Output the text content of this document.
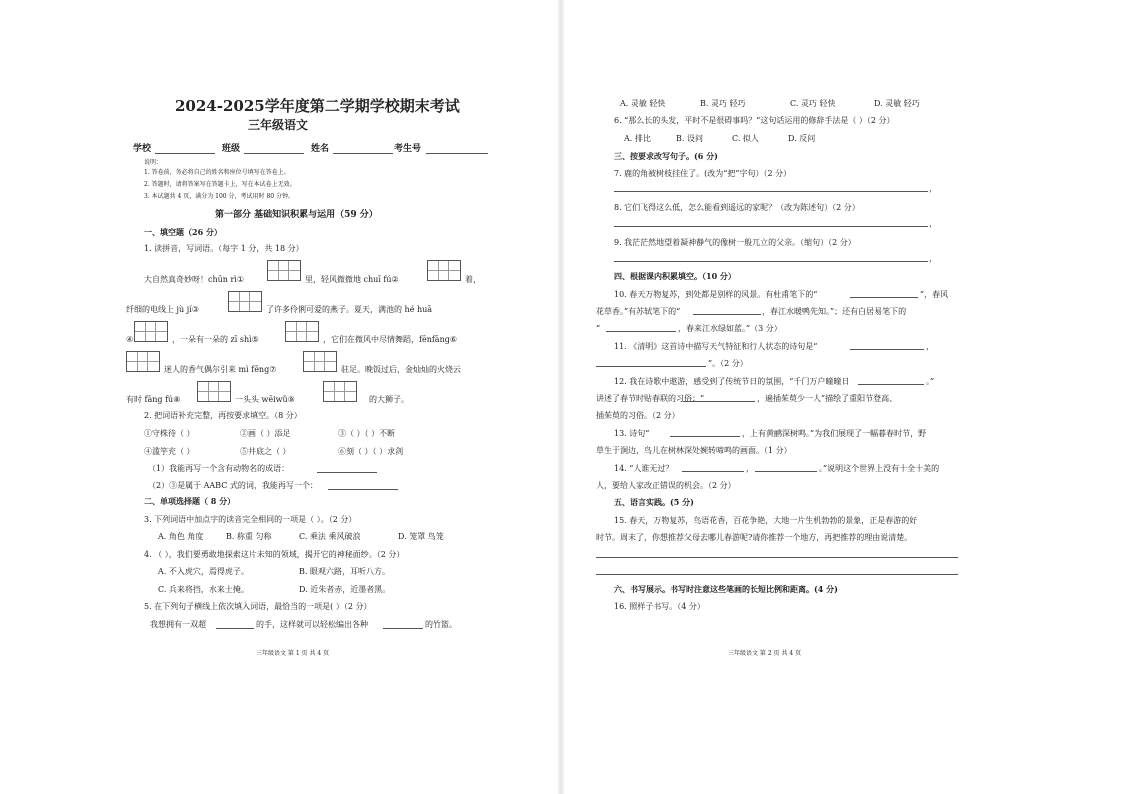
2024-2025学年度第二学期学校期末考试
三年级语文
学校	班级	姓名	考生号
说明：
1. 答卷前，务必将自己的姓名和座位号填写在答卷上。
2. 答题时，请将答案写在答题卡上，写在本试卷上无效。
3. 本试题共 4 页，满分为 100 分，考试用时 80 分钟。
第一部分 基础知识积累与运用（59 分）
一、填空题（26 分）
1. 读拼音，写词语。（每字 1 分，共 18 分）
大自然真奇妙呀！chūn rì①	里，轻风微微地 chuī fú②	着，
纤细的电线上 jù jí③	了许多伶俐可爱的燕子。夏天，满池的 hé huā
④	，一朵有一朵的 zī shì⑤	，它们在微风中尽情舞蹈，fēnfāng⑥
迷人的香气偶尔引来 mì fēng⑦	驻足。晚饭过后，金灿灿的火烧云
有时 fāng fú⑧	一头头 wēiwǔ⑨	的大狮子。
2. 把词语补充完整，再按要求填空。（8 分）
①守株待（ ）	②画（ ）添足	③（ ）（ ）不断
④滥竽充（ ）	⑤井底之（ ）	⑥刻（ ）（ ）求剑
（1）我能再写一个含有动物名的成语：
（2）③是属于 AABC 式的词，我能再写一个：
二、单项选择题（ 8 分）
3. 下列词语中加点字的读音完全相同的一项是（ ）。（2 分）
A. 角色 角度	B. 称重 匀称	C. 乘法 乘风破浪	D. 笼罩 鸟笼
4. （ ），我们要勇敢地探索这片未知的领域，揭开它的神秘面纱。（2 分）
A. 不入虎穴，焉得虎子。	B. 眼观六路，耳听八方。
C. 兵来将挡，水来土掩。	D. 近朱者赤，近墨者黑。
5. 在下列句子横线上依次填入词语，最恰当的一项是( ）（2 分）
我想拥有一双超	的手，这样就可以轻松编出各种	的竹篮。
三年级语文 第 1 页 共 4 页
A. 灵敏 轻快	B. 灵巧 轻巧	C. 灵巧 轻快	D. 灵敏 轻巧
6. “那么长的头发，平时不是很碍事吗？”这句话运用的修辞手法是（ ）（2 分）
A. 排比	B. 设问	C. 拟人	D. 反问
三、按要求改写句子。(6 分)
7. 鹿的角被树枝挂住了。(改为“把”字句）（2 分）
，
8. 它们飞得这么低，怎么能看到遥远的家呢？（改为陈述句）（2 分）
，
9. 我茫茫然地望着凝神静气的像树一般兀立的父亲。（缩句）（2 分）
，
四、根据课内积累填空。（10 分）
10. 春天万物复苏，到处都是别样的风景。有杜甫笔下的“	”，春风
花草香。”有苏轼笔下的“	，春江水暖鸭先知。”；还有白居易笔下的
“	，春来江水绿如蓝。”（3 分）
11. 《清明》这首诗中描写天气特征和行人状态的诗句是“	，
”。（2 分）
12. 我在诗歌中遨游，感受到了传统节日的氛围，“千门万户曈曈日	。”
讲述了春节时贴春联的习俗；“	，遍插茱萸少一人”描绘了重阳节登高、
插茱萸的习俗。（2 分）
13. 诗句“	，上有黄鹂深树鸣。”为我们展现了一幅暮春时节，野
草生于涧边，鸟儿在树林深处婉转啼鸣的画面。（1 分）
14. “人谁无过？	，	。”说明这个世界上没有十全十美的
人，要给人家改正错误的机会。（2 分）
五、语言实践。(5 分)
15. 春天，万物复苏，鸟语花香，百花争艳，大地一片生机勃勃的景象，正是春游的好
时节。周末了，你想推荐父母去哪儿春游呢?请你推荐一个地方，再把推荐的理由说清楚。
六、书写展示。书写时注意这些笔画的长短比例和距离。(4 分)
16. 照样子书写。（4 分）
三年级语文 第 2 页 共 4 页
